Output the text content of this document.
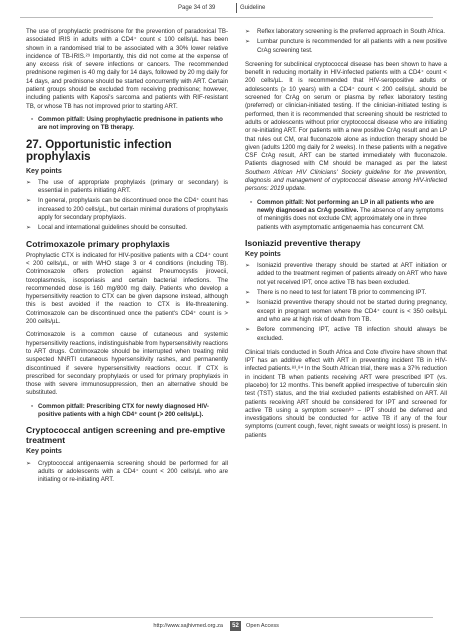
Page 34 of 39	Guideline

The use of prophylactic prednisone for the prevention of paradoxical TB-associated IRIS in adults with a CD4⁺ count ≤ 100 cells/µL has been shown in a randomised trial to be associated with a 30% lower relative incidence of TB-IRIS.²⁹ Importantly, this did not come at the expense of any excess risk of severe infections or cancers. The recommended prednisone regimen is 40 mg daily for 14 days, followed by 20 mg daily for 14 days, and prednisone should be started concurrently with ART. Certain patient groups should be excluded from receiving prednisone; however, including patients with Kaposi's sarcoma and patients with RIF-resistant TB, or whose TB has not improved prior to starting ART.

▫ Common pitfall: Using prophylactic prednisone in patients who are not improving on TB therapy.
27. Opportunistic infection prophylaxis
Key points
➢	The use of appropriate prophylaxis (primary or secondary) is essential in patients initiating ART.
➢	In general, prophylaxis can be discontinued once the CD4⁺ count has increased to 200 cells/µL, but certain minimal durations of prophylaxis apply for secondary prophylaxis.
➢	Local and international guidelines should be consulted.
Cotrimoxazole primary prophylaxis

Prophylactic CTX is indicated for HIV-positive patients with a CD4⁺ count < 200 cells/µL, or with WHO stage 3 or 4 conditions (including TB). Cotrimoxazole offers protection against Pneumocystis jirovecii, toxoplasmosis, isosporiasis and certain bacterial infections. The recommended dose is 160 mg/800 mg daily. Patients who develop a hypersensitivity reaction to CTX can be given dapsone instead, although this is best avoided if the reaction to CTX is life-threatening. Cotrimoxazole can be discontinued once the patient's CD4⁺ count is > 200 cells/µL.

Cotrimoxazole is a common cause of cutaneous and systemic hypersensitivity reactions, indistinguishable from hypersensitivity reactions to ART drugs. Cotrimoxazole should be interrupted when treating mild suspected NNRTI cutaneous hypersensitivity rashes, and permanently discontinued if severe hypersensitivity reactions occur. If CTX is prescribed for secondary prophylaxis or used for primary prophylaxis in those with severe immunosuppression, then an alternative should be substituted.

▫ Common pitfall: Prescribing CTX for newly diagnosed HIV-positive patients with a high CD4⁺ count (> 200 cells/µL).
Cryptococcal antigen screening and pre-emptive treatment
Key points
➢	Cryptococcal antigenaemia screening should be performed for all adults or adolescents with a CD4⁺ count < 200 cells/µL who are initiating or re-initiating ART.
➢	Reflex laboratory screening is the preferred approach in South Africa.
➢	Lumbar puncture is recommended for all patients with a new positive CrAg screening test.

Screening for subclinical cryptococcal disease has been shown to have a benefit in reducing mortality in HIV-infected patients with a CD4⁺ count < 200 cells/µL. It is recommended that HIV-seropositive adults or adolescents (≥ 10 years) with a CD4⁺ count < 200 cells/µL should be screened for CrAg on serum or plasma by reflex laboratory testing (preferred) or clinician-initiated testing. If the clinician-initiated testing is performed, then it is recommended that screening should be restricted to adults or adolescents without prior cryptococcal disease who are initiating or re-initiating ART. For patients with a new positive CrAg result and an LP that rules out CM, oral fluconazole alone as induction therapy should be given (adults 1200 mg daily for 2 weeks). In these patients with a negative CSF CrAg result, ART can be started immediately with fluconazole. Patients diagnosed with CM should be managed as per the latest Southern African HIV Clinicians' Society guideline for the prevention, diagnosis and management of cryptococcal disease among HIV-infected persons: 2019 update.

▫ Common pitfall: Not performing an LP in all patients who are newly diagnosed as CrAg positive. The absence of any symptoms of meningitis does not exclude CM; approximately one in three patients with asymptomatic antigenaemia has concurrent CM.
Isoniazid preventive therapy
Key points
➢	Isoniazid preventive therapy should be started at ART initiation or added to the treatment regimen of patients already on ART who have not yet received IPT, once active TB has been excluded.
➢	There is no need to test for latent TB prior to commencing IPT.
➢	Isoniazid preventive therapy should not be started during pregnancy, except in pregnant women where the CD4⁺ count is < 350 cells/µL and who are at high risk of death from TB.
➢	Before commencing IPT, active TB infection should always be excluded.

Clinical trials conducted in South Africa and Cote d'Ivoire have shown that IPT has an additive effect with ART in preventing incident TB in HIV-infected patients.⁸³,⁸⁴ In the South African trial, there was a 37% reduction in incident TB when patients receiving ART were prescribed IPT (vs. placebo) for 12 months. This benefit applied irrespective of tuberculin skin test (TST) status, and the trial excluded patients established on ART. All patients receiving ART should be considered for IPT and screened for active TB using a symptom screen⁸⁵ – IPT should be deferred and investigations should be conducted for active TB if any of the four symptoms (current cough, fever, night sweats or weight loss) is present. In patients

http://www.sajhivmed.org.za	52	Open Access
